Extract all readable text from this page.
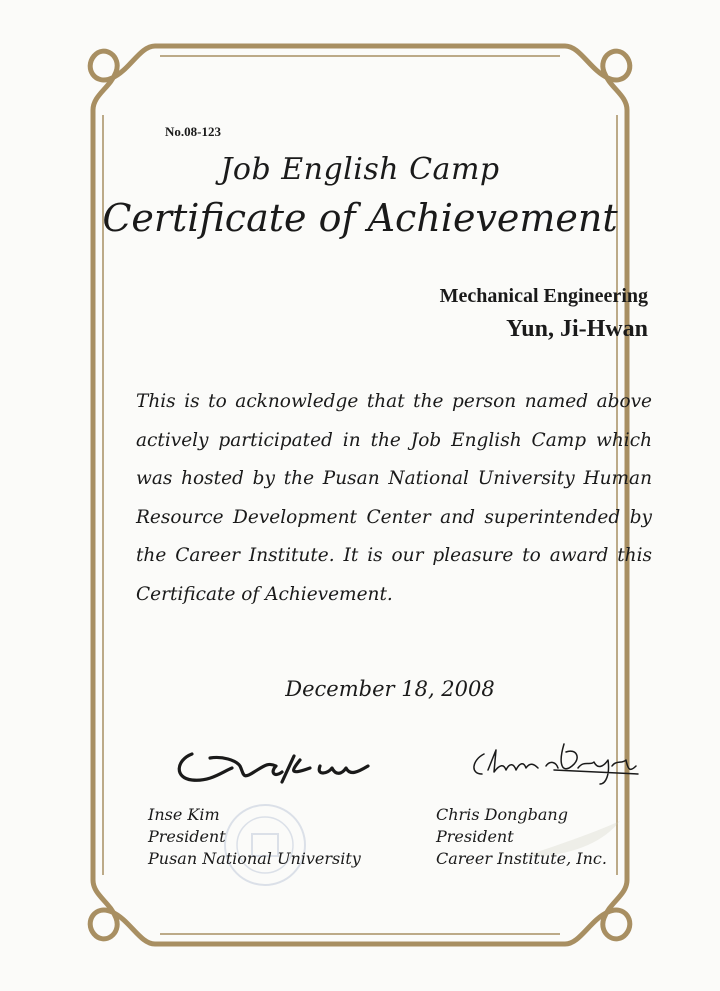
No.08-123
Job English Camp
Certificate of Achievement
Mechanical Engineering
Yun, Ji-Hwan
This is to acknowledge that the person named above actively participated in the Job English Camp which was hosted by the Pusan National University Human Resource Development Center and superintended by the Career Institute. It is our pleasure to award this Certificate of Achievement.
December 18, 2008
Inse Kim
President
Pusan National University
Chris Dongbang
President
Career Institute, Inc.
